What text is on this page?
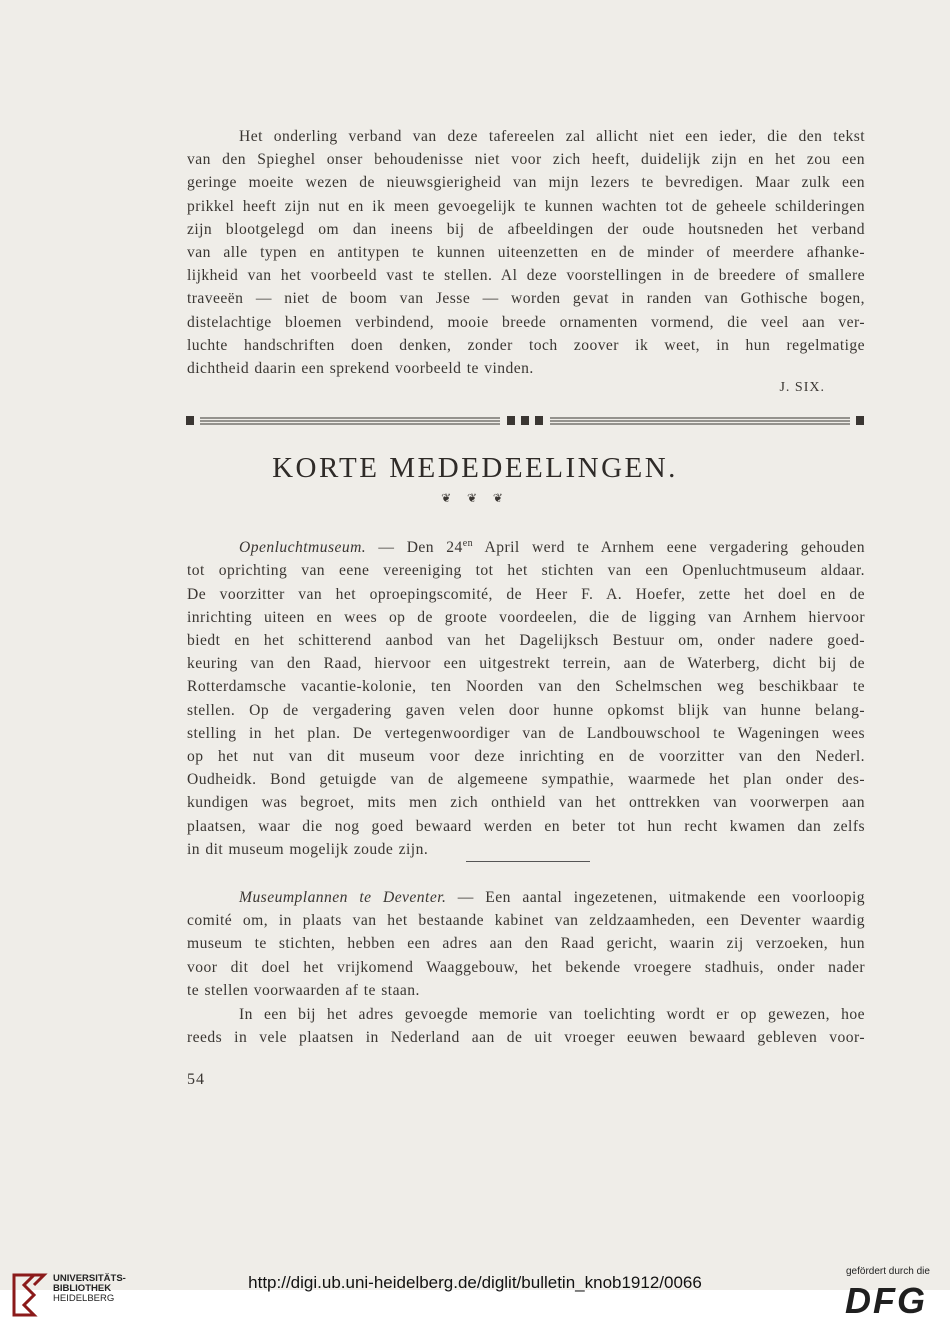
Het onderling verband van deze tafereelen zal allicht niet een ieder, die den tekst
van den Spieghel onser behoudenisse niet voor zich heeft, duidelijk zijn en het zou een
geringe moeite wezen de nieuwsgierigheid van mijn lezers te bevredigen. Maar zulk een
prikkel heeft zijn nut en ik meen gevoegelijk te kunnen wachten tot de geheele schilderingen
zijn blootgelegd om dan ineens bij de afbeeldingen der oude houtsneden het verband
van alle typen en antitypen te kunnen uiteenzetten en de minder of meerdere afhanke-
lijkheid van het voorbeeld vast te stellen. Al deze voorstellingen in de breedere of smallere
traveeën — niet de boom van Jesse — worden gevat in randen van Gothische bogen,
distelachtige bloemen verbindend, mooie breede ornamenten vormend, die veel aan ver-
luchte handschriften doen denken, zonder toch zoover ik weet, in hun regelmatige
dichtheid daarin een sprekend voorbeeld te vinden.
J. SIX.
KORTE MEDEDEELINGEN.
❦ ❦ ❦
Openluchtmuseum. — Den $24^{en}$ April werd te Arnhem eene vergadering gehouden
tot oprichting van eene vereeniging tot het stichten van een Openluchtmuseum aldaar.
De voorzitter van het oproepingscomité, de Heer F. A. Hoefer, zette het doel en de
inrichting uiteen en wees op de groote voordeelen, die de ligging van Arnhem hiervoor
biedt en het schitterend aanbod van het Dagelijksch Bestuur om, onder nadere goed-
keuring van den Raad, hiervoor een uitgestrekt terrein, aan de Waterberg, dicht bij de
Rotterdamsche vacantie-kolonie, ten Noorden van den Schelmschen weg beschikbaar te
stellen. Op de vergadering gaven velen door hunne opkomst blijk van hunne belang-
stelling in het plan. De vertegenwoordiger van de Landbouwschool te Wageningen wees
op het nut van dit museum voor deze inrichting en de voorzitter van den Nederl.
Oudheidk. Bond getuigde van de algemeene sympathie, waarmede het plan onder des-
kundigen was begroet, mits men zich onthield van het onttrekken van voorwerpen aan
plaatsen, waar die nog goed bewaard werden en beter tot hun recht kwamen dan zelfs
in dit museum mogelijk zoude zijn.
Museumplannen te Deventer. — Een aantal ingezetenen, uitmakende een voorloopig
comité om, in plaats van het bestaande kabinet van zeldzaamheden, een Deventer waardig
museum te stichten, hebben een adres aan den Raad gericht, waarin zij verzoeken, hun
voor dit doel het vrijkomend Waaggebouw, het bekende vroegere stadhuis, onder nader
te stellen voorwaarden af te staan.
In een bij het adres gevoegde memorie van toelichting wordt er op gewezen, hoe
reeds in vele plaatsen in Nederland aan de uit vroeger eeuwen bewaard gebleven voor-
54
UNIVERSITÄTS-
BIBLIOTHEK
HEIDELBERG
http://digi.ub.uni-heidelberg.de/diglit/bulletin_knob1912/0066
gefördert durch die
DFG
